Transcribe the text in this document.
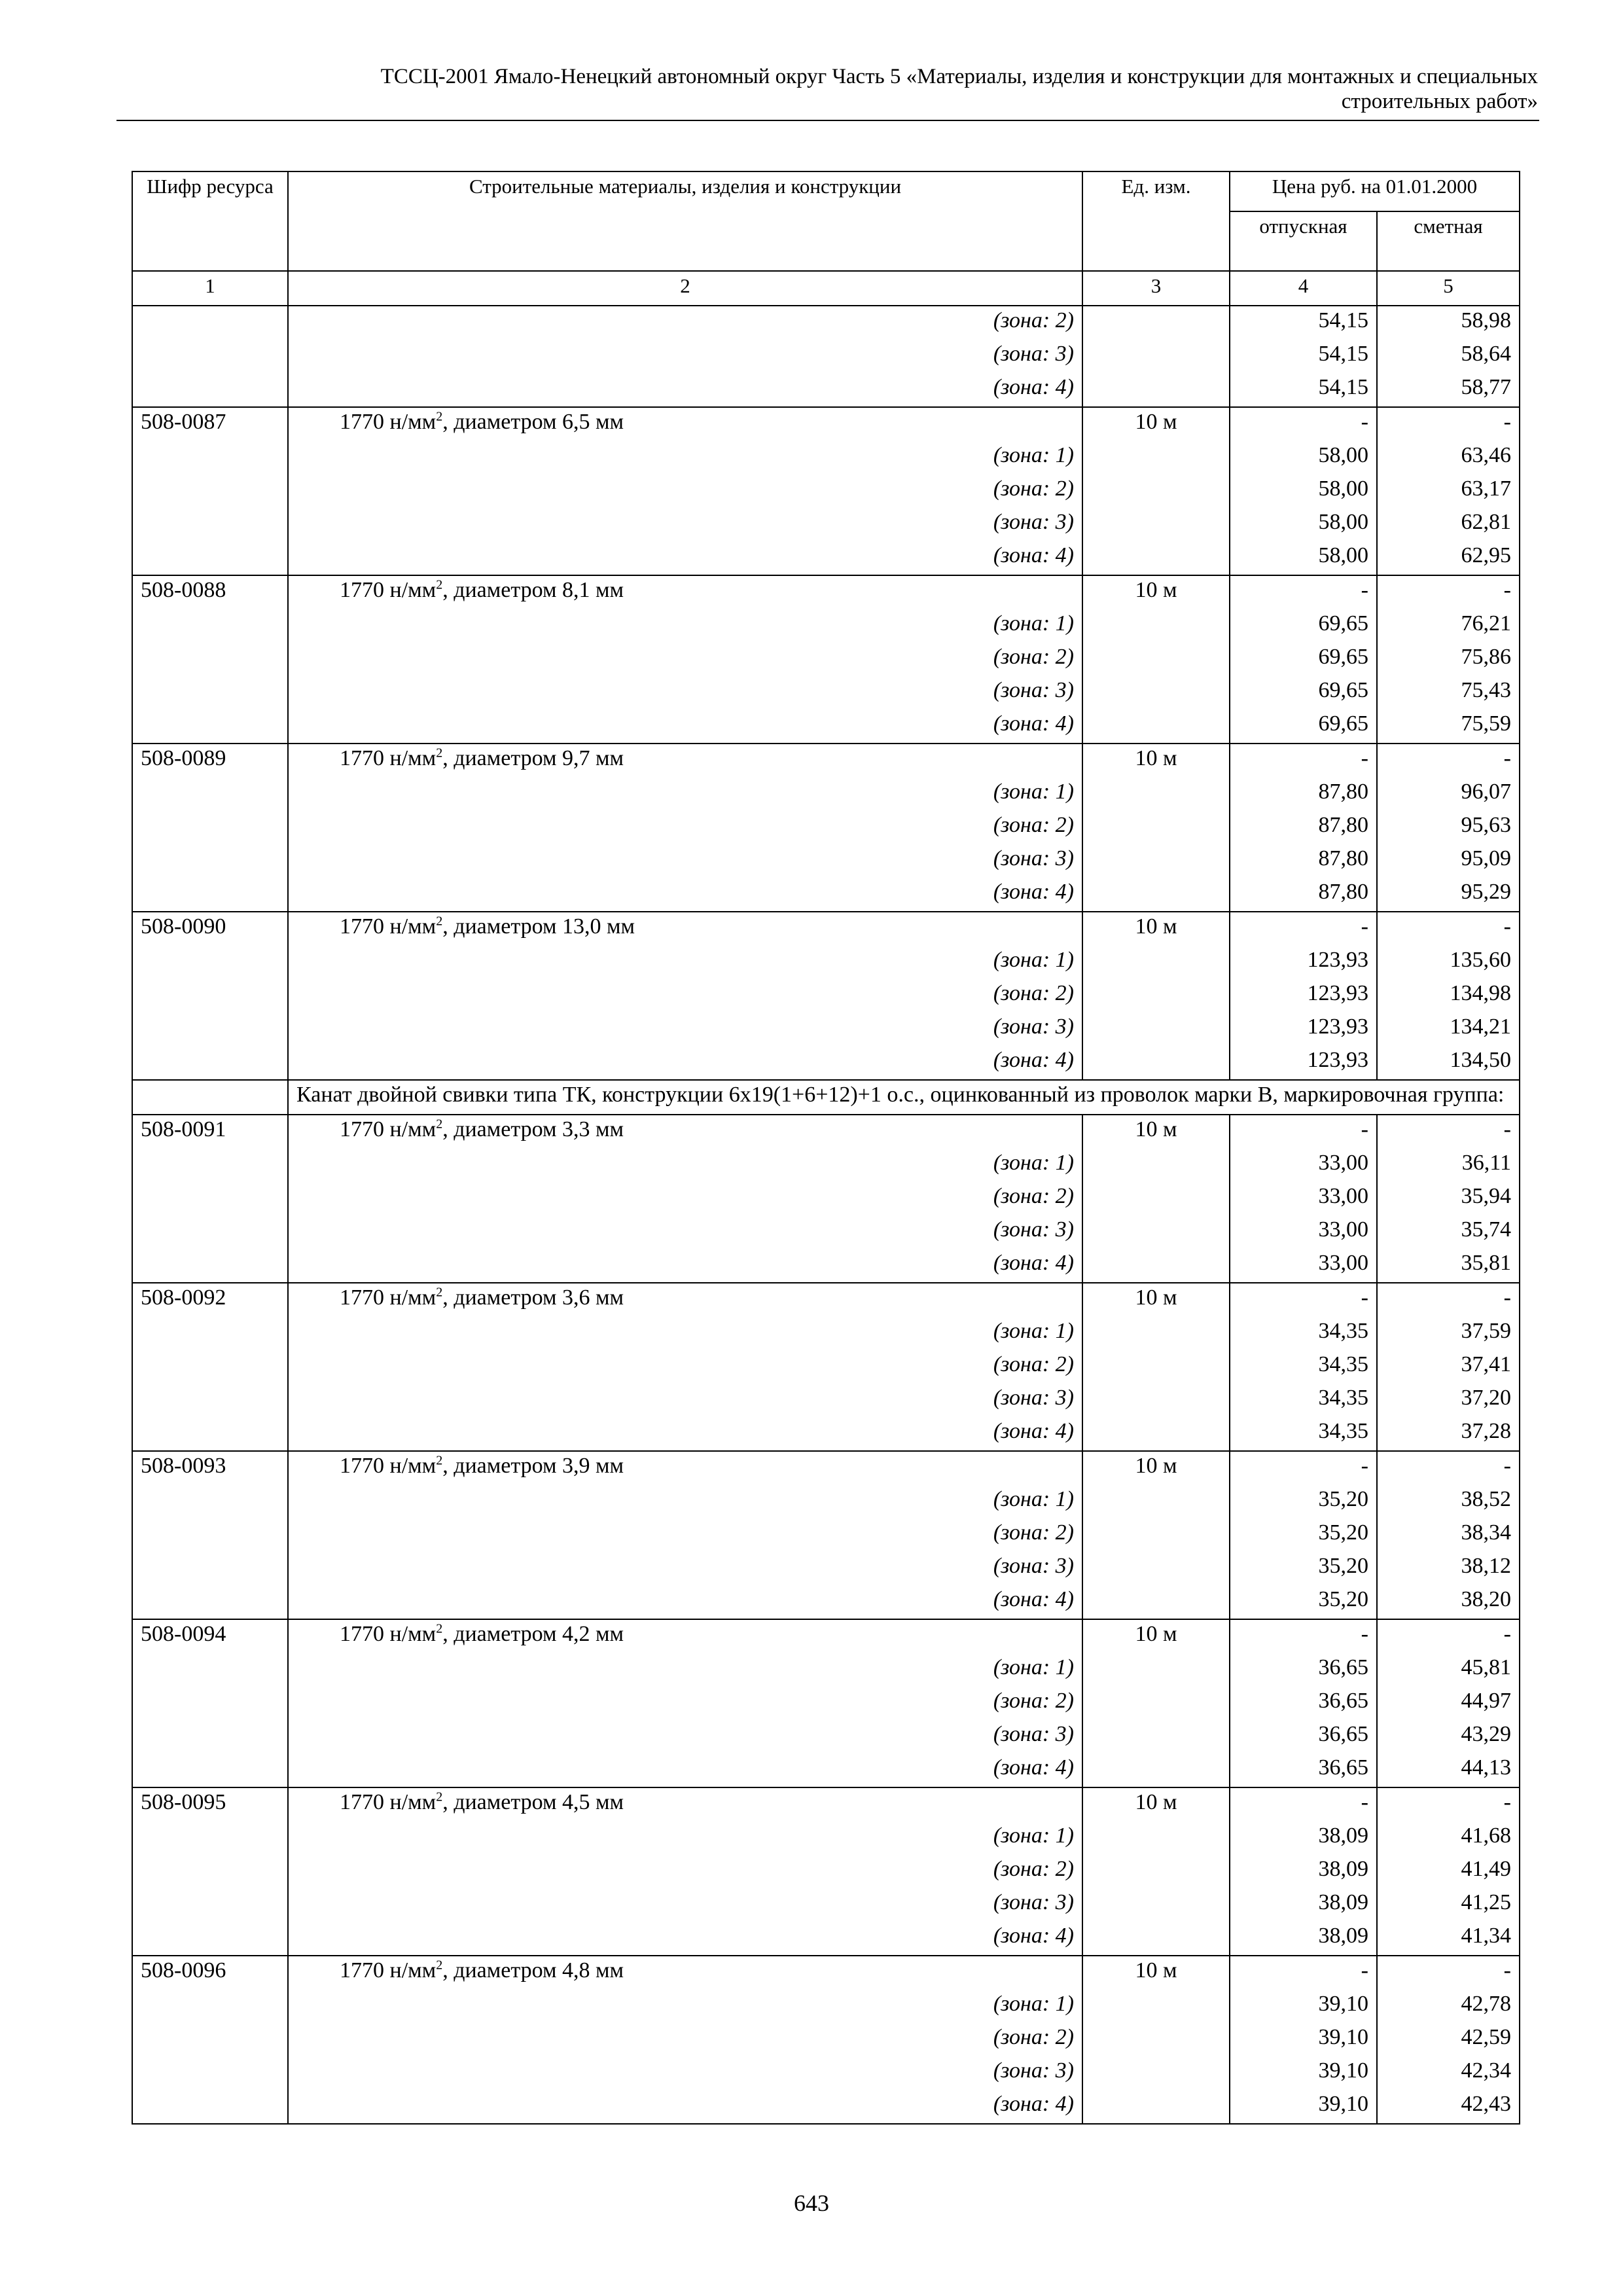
ТССЦ-2001 Ямало-Ненецкий автономный округ Часть 5 «Материалы, изделия и конструкции для монтажных и специальных
строительных работ»
Шифр ресурса	Строительные материалы, изделия и конструкции	Ед. изм.	Цена руб. на 01.01.2000	
			отпускная	сметная
1	2	3	4	5
	(зона: 2)		54,15	58,98
	(зона: 3)		54,15	58,64
	(зона: 4)		54,15	58,77
508-0087	1770 $н/мм^2$, диаметром 6,5 мм	10 м	-	-
	(зона: 1)		58,00	63,46
	(зона: 2)		58,00	63,17
	(зона: 3)		58,00	62,81
	(зона: 4)		58,00	62,95
508-0088	1770 $н/мм^2$, диаметром 8,1 мм	10 м	-	-
	(зона: 1)		69,65	76,21
	(зона: 2)		69,65	75,86
	(зона: 3)		69,65	75,43
	(зона: 4)		69,65	75,59
508-0089	1770 $н/мм^2$, диаметром 9,7 мм	10 м	-	-
	(зона: 1)		87,80	96,07
	(зона: 2)		87,80	95,63
	(зона: 3)		87,80	95,09
	(зона: 4)		87,80	95,29
508-0090	1770 $н/мм^2$, диаметром 13,0 мм	10 м	-	-
	(зона: 1)		123,93	135,60
	(зона: 2)		123,93	134,98
	(зона: 3)		123,93	134,21
	(зона: 4)		123,93	134,50
	Канат двойной свивки типа ТК, конструкции 6х19(1+6+12)+1 о.с., оцинкованный из проволок марки В, маркировочная группа:			
508-0091	1770 $н/мм^2$, диаметром 3,3 мм	10 м	-	-
	(зона: 1)		33,00	36,11
	(зона: 2)		33,00	35,94
	(зона: 3)		33,00	35,74
	(зона: 4)		33,00	35,81
508-0092	1770 $н/мм^2$, диаметром 3,6 мм	10 м	-	-
	(зона: 1)		34,35	37,59
	(зона: 2)		34,35	37,41
	(зона: 3)		34,35	37,20
	(зона: 4)		34,35	37,28
508-0093	1770 $н/мм^2$, диаметром 3,9 мм	10 м	-	-
	(зона: 1)		35,20	38,52
	(зона: 2)		35,20	38,34
	(зона: 3)		35,20	38,12
	(зона: 4)		35,20	38,20
508-0094	1770 $н/мм^2$, диаметром 4,2 мм	10 м	-	-
	(зона: 1)		36,65	45,81
	(зона: 2)		36,65	44,97
	(зона: 3)		36,65	43,29
	(зона: 4)		36,65	44,13
508-0095	1770 $н/мм^2$, диаметром 4,5 мм	10 м	-	-
	(зона: 1)		38,09	41,68
	(зона: 2)		38,09	41,49
	(зона: 3)		38,09	41,25
	(зона: 4)		38,09	41,34
508-0096	1770 $н/мм^2$, диаметром 4,8 мм	10 м	-	-
	(зона: 1)		39,10	42,78
	(зона: 2)		39,10	42,59
	(зона: 3)		39,10	42,34
	(зона: 4)		39,10	42,43
643
